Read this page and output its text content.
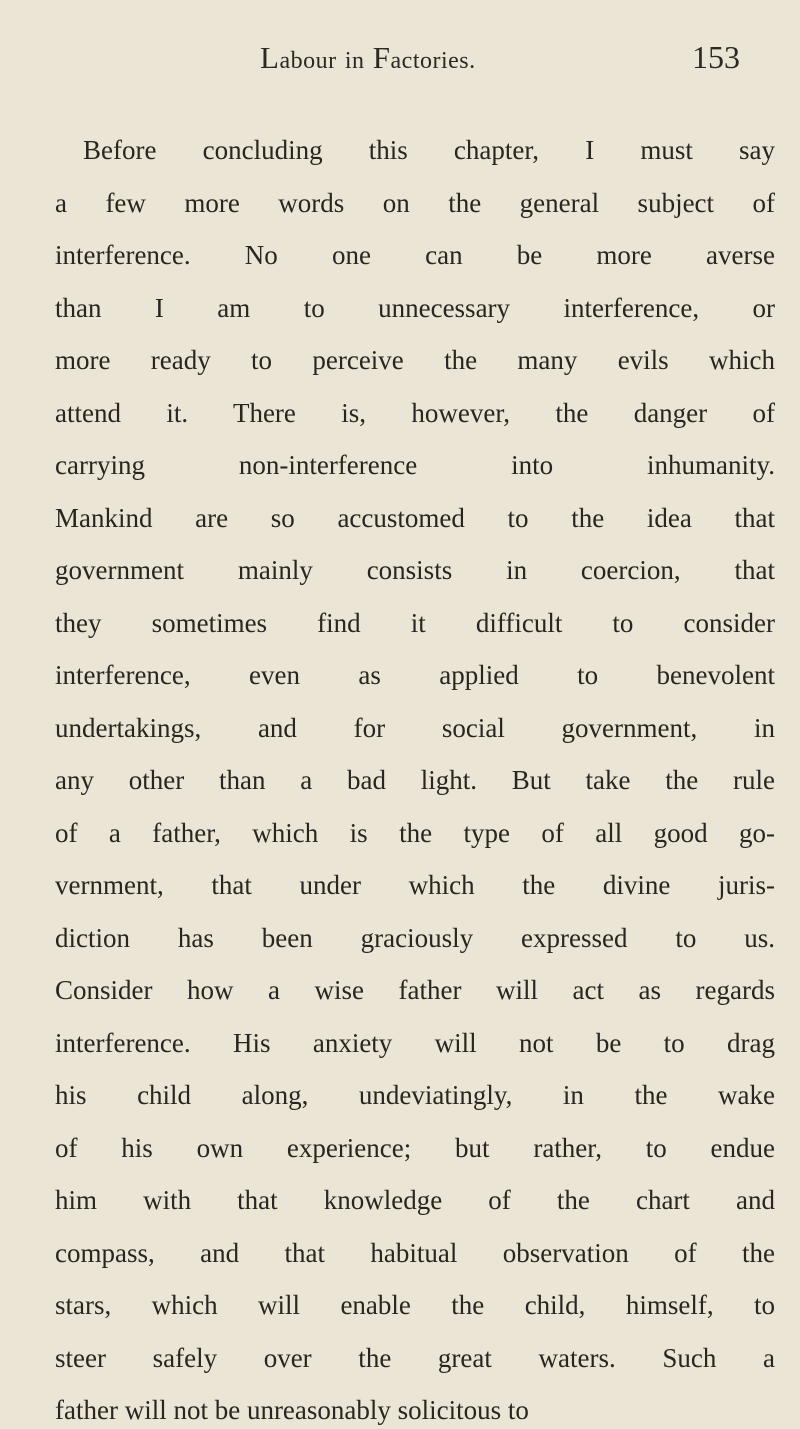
Labour in Factories.	153
Before concluding this chapter, I must say
a few more words on the general subject of
interference. No one can be more averse
than I am to unnecessary interference, or
more ready to perceive the many evils which
attend it. There is, however, the danger of
carrying non-interference into inhumanity.
Mankind are so accustomed to the idea that
government mainly consists in coercion, that
they sometimes find it difficult to consider
interference, even as applied to benevolent
undertakings, and for social government, in
any other than a bad light. But take the rule
of a father, which is the type of all good go-
vernment, that under which the divine juris-
diction has been graciously expressed to us.
Consider how a wise father will act as regards
interference. His anxiety will not be to drag
his child along, undeviatingly, in the wake
of his own experience; but rather, to endue
him with that knowledge of the chart and
compass, and that habitual observation of the
stars, which will enable the child, himself, to
steer safely over the great waters. Such a
father will not be unreasonably solicitous to
